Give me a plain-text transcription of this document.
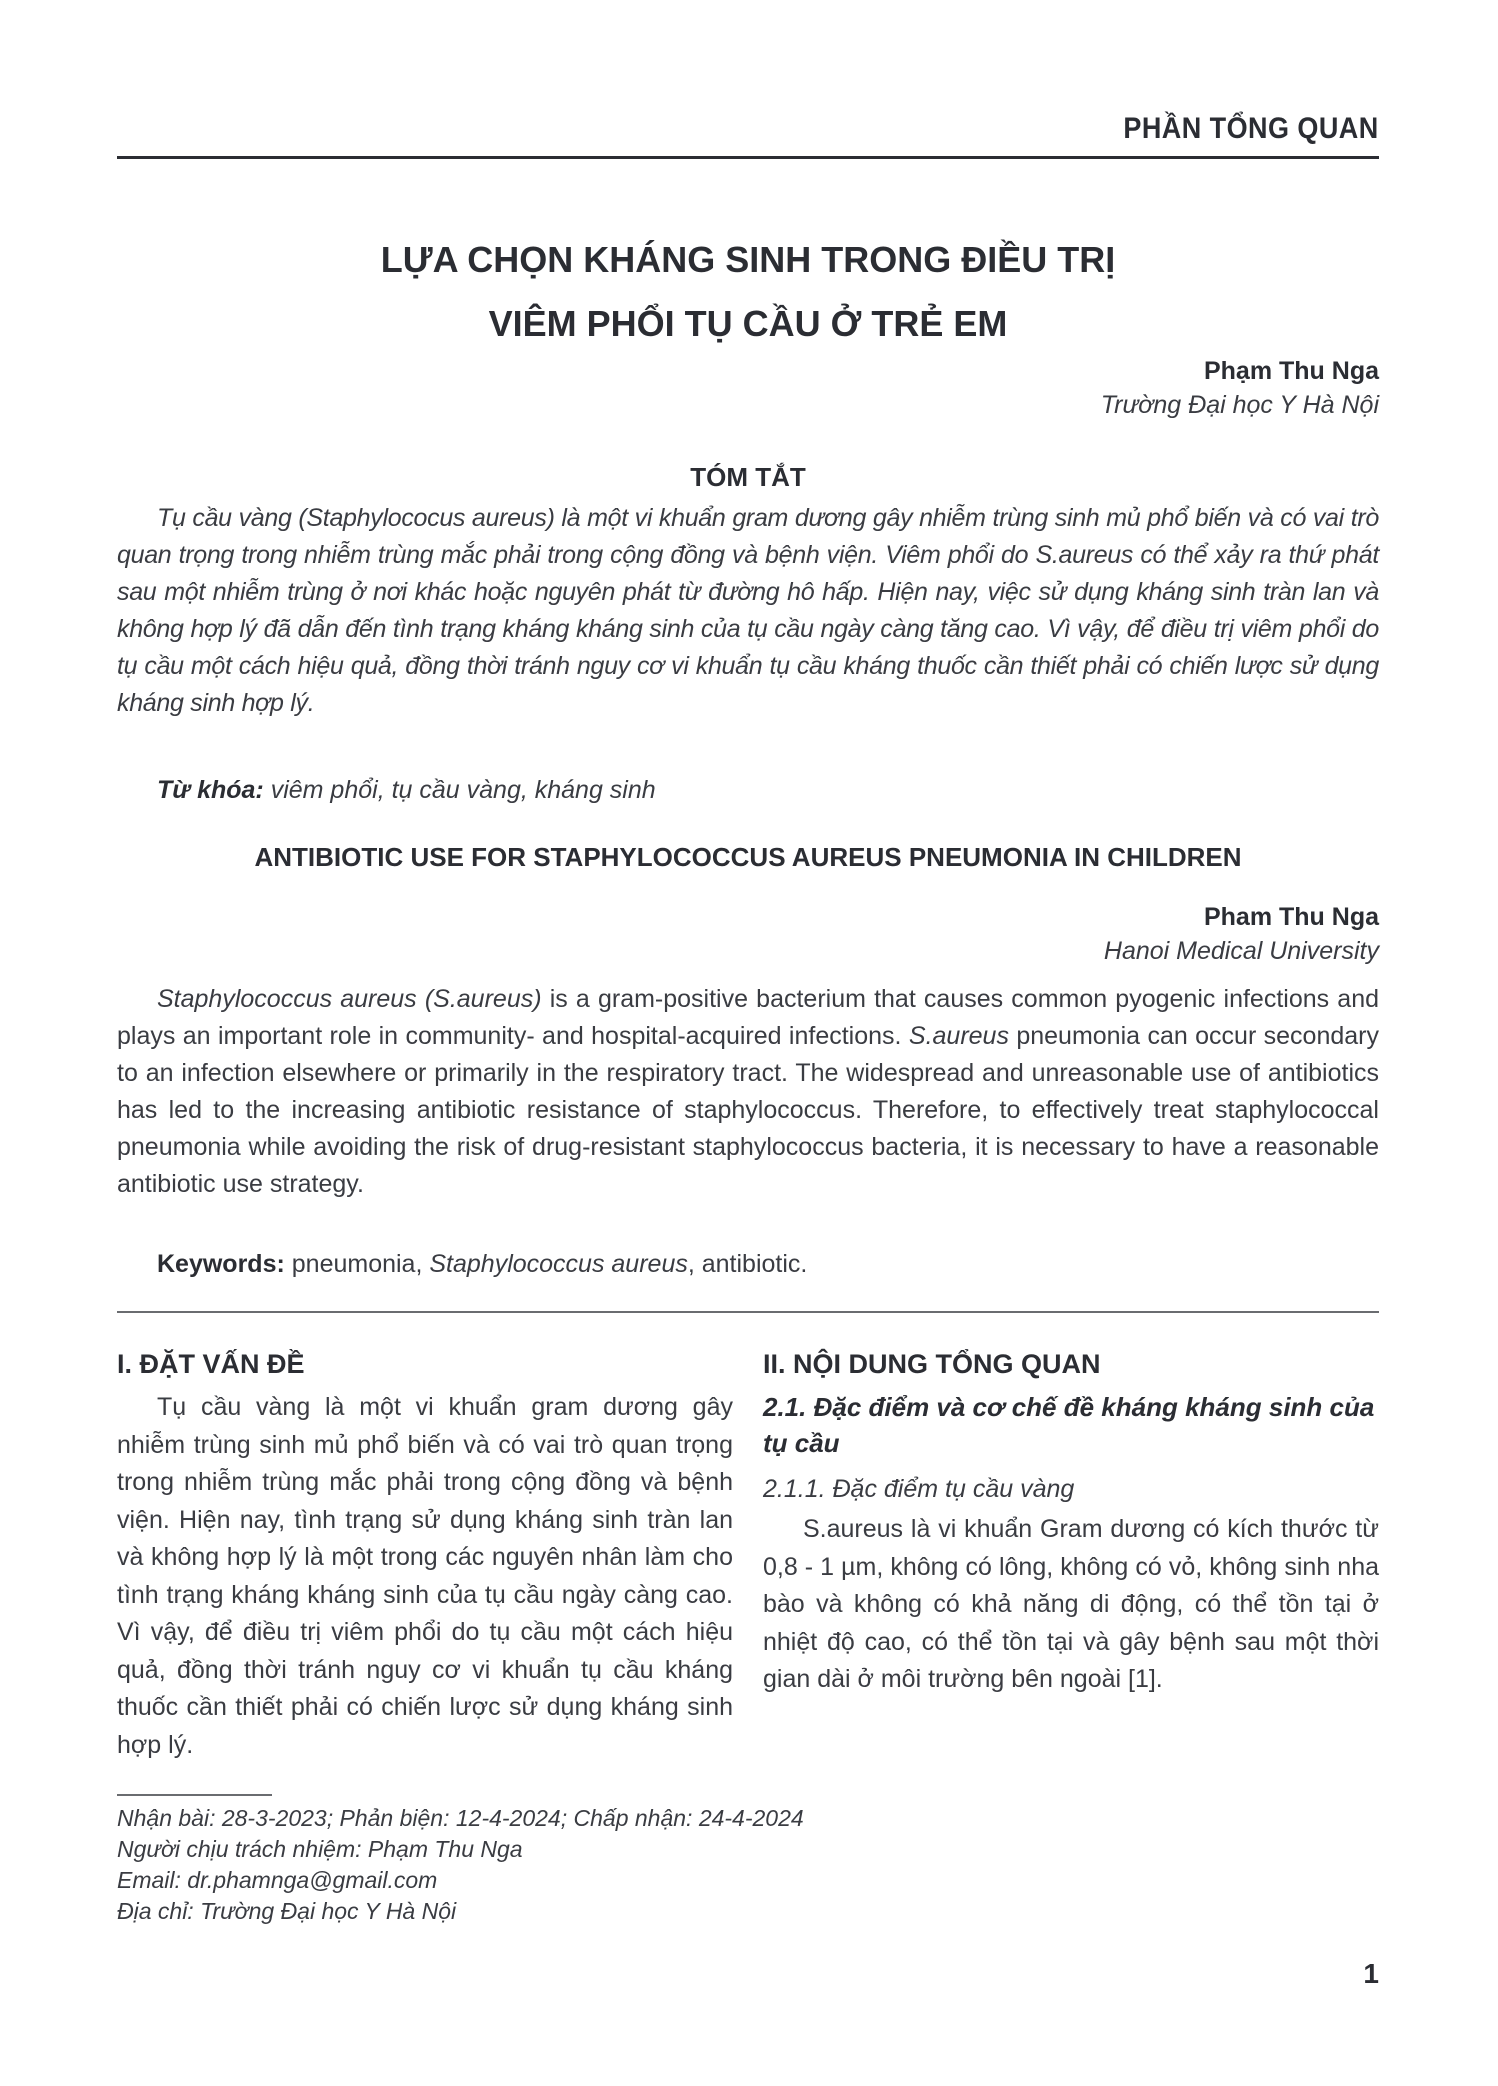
PHẦN TỔNG QUAN
LỰA CHỌN KHÁNG SINH TRONG ĐIỀU TRỊ
VIÊM PHỔI TỤ CẦU Ở TRẺ EM
Phạm Thu Nga
Trường Đại học Y Hà Nội
TÓM TẮT

Tụ cầu vàng (Staphylococus aureus) là một vi khuẩn gram dương gây nhiễm trùng sinh mủ phổ biến và có vai trò quan trọng trong nhiễm trùng mắc phải trong cộng đồng và bệnh viện. Viêm phổi do S.aureus có thể xảy ra thứ phát sau một nhiễm trùng ở nơi khác hoặc nguyên phát từ đường hô hấp. Hiện nay, việc sử dụng kháng sinh tràn lan và không hợp lý đã dẫn đến tình trạng kháng kháng sinh của tụ cầu ngày càng tăng cao. Vì vậy, để điều trị viêm phổi do tụ cầu một cách hiệu quả, đồng thời tránh nguy cơ vi khuẩn tụ cầu kháng thuốc cần thiết phải có chiến lược sử dụng kháng sinh hợp lý.

Từ khóa: viêm phổi, tụ cầu vàng, kháng sinh
ANTIBIOTIC USE FOR STAPHYLOCOCCUS AUREUS PNEUMONIA IN CHILDREN
Pham Thu Nga
Hanoi Medical University

Staphylococcus aureus (S.aureus) is a gram-positive bacterium that causes common pyogenic infections and plays an important role in community- and hospital-acquired infections. S.aureus pneumonia can occur secondary to an infection elsewhere or primarily in the respiratory tract. The widespread and unreasonable use of antibiotics has led to the increasing antibiotic resistance of staphylococcus. Therefore, to effectively treat staphylococcal pneumonia while avoiding the risk of drug-resistant staphylococcus bacteria, it is necessary to have a reasonable antibiotic use strategy.

Keywords: pneumonia, Staphylococcus aureus, antibiotic.
I. ĐẶT VẤN ĐỀ

Tụ cầu vàng là một vi khuẩn gram dương gây nhiễm trùng sinh mủ phổ biến và có vai trò quan trọng trong nhiễm trùng mắc phải trong cộng đồng và bệnh viện. Hiện nay, tình trạng sử dụng kháng sinh tràn lan và không hợp lý là một trong các nguyên nhân làm cho tình trạng kháng kháng sinh của tụ cầu ngày càng cao. Vì vậy, để điều trị viêm phổi do tụ cầu một cách hiệu quả, đồng thời tránh nguy cơ vi khuẩn tụ cầu kháng thuốc cần thiết phải có chiến lược sử dụng kháng sinh hợp lý.

II. NỘI DUNG TỔNG QUAN
2.1. Đặc điểm và cơ chế đề kháng kháng sinh của tụ cầu
2.1.1. Đặc điểm tụ cầu vàng

S.aureus là vi khuẩn Gram dương có kích thước từ 0,8 - 1 µm, không có lông, không có vỏ, không sinh nha bào và không có khả năng di động, có thể tồn tại ở nhiệt độ cao, có thể tồn tại và gây bệnh sau một thời gian dài ở môi trường bên ngoài [1].

Nhận bài: 28-3-2023; Phản biện: 12-4-2024; Chấp nhận: 24-4-2024
Người chịu trách nhiệm: Phạm Thu Nga
Email: dr.phamnga@gmail.com
Địa chỉ: Trường Đại học Y Hà Nội
1
